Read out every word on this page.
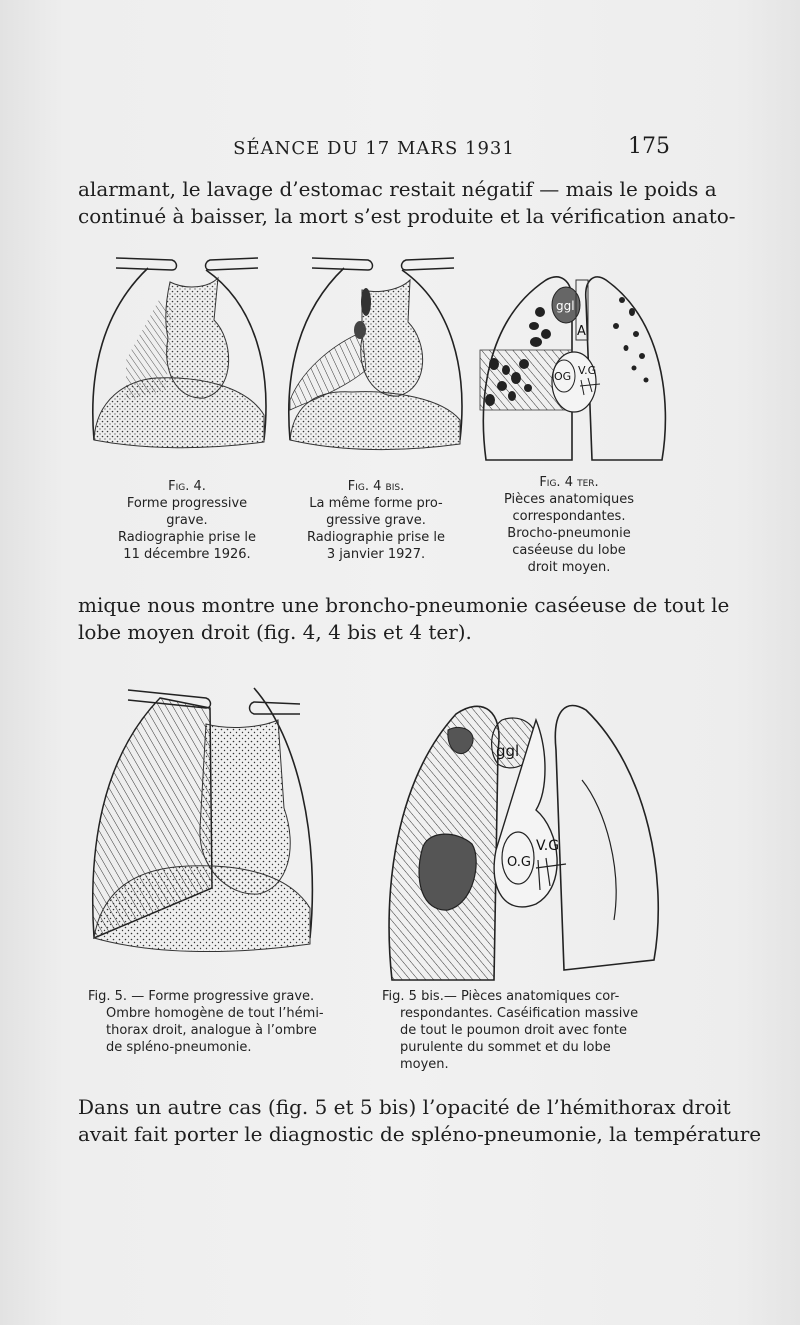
SÉANCE DU 17 MARS 1931	175
alarmant, le lavage d’estomac restait négatif — mais le poids a
continué à baisser, la mort s’est produite et la vérification anato-
ggl
A
OG V.G
Fig. 4.
Forme progressive
grave.
Radiographie prise le
11 décembre 1926.
Fig. 4 bis.
La même forme pro-
gressive grave.
Radiographie prise le
3 janvier 1927.
Fig. 4 ter.
Pièces anatomiques
correspondantes.
Brocho-pneumonie
caséeuse du lobe
droit moyen.
mique nous montre une broncho-pneumonie caséeuse de tout le
lobe moyen droit (fig. 4, 4 bis et 4 ter).
ggl
O.G
V.G
Fig. 5. — Forme progressive grave.
Ombre homogène de tout l’hémi-
thorax droit, analogue à l’ombre
de spléno-pneumonie.
Fig. 5 bis.— Pièces anatomiques cor-
respondantes. Caséification massive
de tout le poumon droit avec fonte
purulente du sommet et du lobe
moyen.
Dans un autre cas (fig. 5 et 5 bis) l’opacité de l’hémithorax droit
avait fait porter le diagnostic de spléno-pneumonie, la température
